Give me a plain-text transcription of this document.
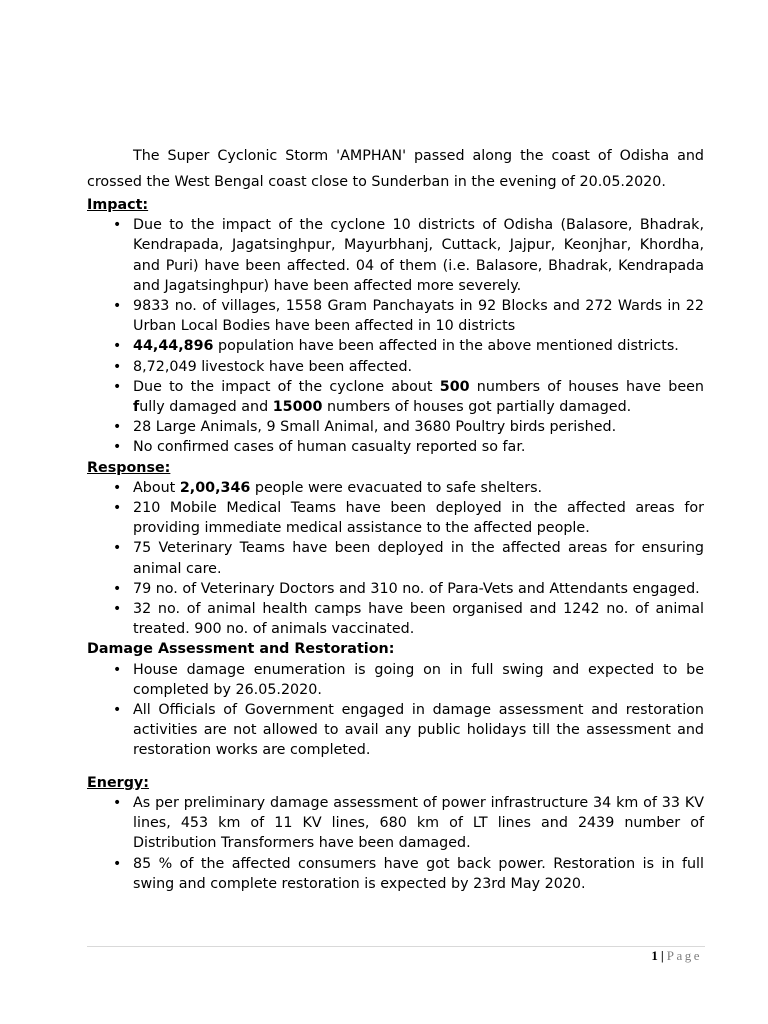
The Super Cyclonic Storm 'AMPHAN' passed along the coast of Odisha and crossed the West Bengal coast close to Sunderban in the evening of 20.05.2020.

Impact:

• Due to the impact of the cyclone 10 districts of Odisha (Balasore, Bhadrak, Kendrapada, Jagatsinghpur, Mayurbhanj, Cuttack, Jajpur, Keonjhar, Khordha, and Puri) have been affected. 04 of them (i.e. Balasore, Bhadrak, Kendrapada and Jagatsinghpur) have been affected more severely.
• 9833 no. of villages, 1558 Gram Panchayats in 92 Blocks and 272 Wards in 22 Urban Local Bodies have been affected in 10 districts
• 44,44,896 population have been affected in the above mentioned districts.
• 8,72,049 livestock have been affected.
• Due to the impact of the cyclone about 500 numbers of houses have been fully damaged and 15000 numbers of houses got partially damaged.
• 28 Large Animals, 9 Small Animal, and 3680 Poultry birds perished.
• No confirmed cases of human casualty reported so far.

Response:

• About 2,00,346 people were evacuated to safe shelters.
• 210 Mobile Medical Teams have been deployed in the affected areas for providing immediate medical assistance to the affected people.
• 75 Veterinary Teams have been deployed in the affected areas for ensuring animal care.
• 79 no. of Veterinary Doctors and 310 no. of Para-Vets and Attendants engaged.
• 32 no. of animal health camps have been organised and 1242 no. of animal treated. 900 no. of animals vaccinated.

Damage Assessment and Restoration:

• House damage enumeration is going on in full swing and expected to be completed by 26.05.2020.
• All Officials of Government engaged in damage assessment and restoration activities are not allowed to avail any public holidays till the assessment and restoration works are completed.

Energy:

• As per preliminary damage assessment of power infrastructure 34 km of 33 KV lines, 453 km of 11 KV lines, 680 km of LT lines and 2439 number of Distribution Transformers have been damaged.
• 85 % of the affected consumers have got back power. Restoration is in full swing and complete restoration is expected by 23rd May 2020.
1 | Page
